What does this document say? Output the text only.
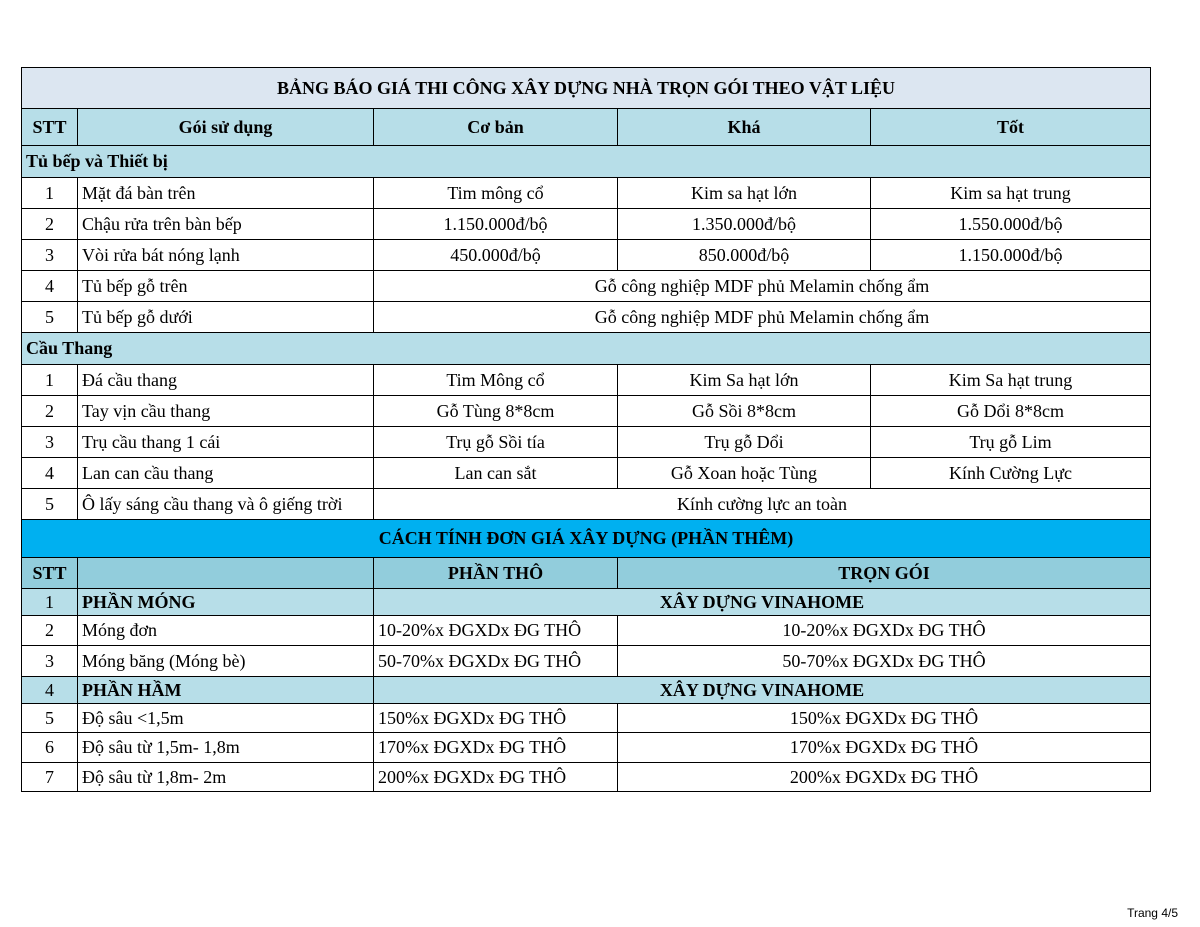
BẢNG BÁO GIÁ THI CÔNG XÂY DỰNG NHÀ TRỌN GÓI THEO VẬT LIỆU				
STT	Gói sử dụng	Cơ bản	Khá	Tốt
Tủ bếp và Thiết bị				
1	Mặt đá bàn trên	Tim mông cổ	Kim sa hạt lớn	Kim sa hạt trung
2	Chậu rửa trên bàn bếp	1.150.000đ/bộ	1.350.000đ/bộ	1.550.000đ/bộ
3	Vòi rửa bát nóng lạnh	450.000đ/bộ	850.000đ/bộ	1.150.000đ/bộ
4	Tủ bếp gỗ trên	Gỗ công nghiệp MDF phủ Melamin chống ẩm		
5	Tủ bếp gỗ dưới	Gỗ công nghiệp MDF phủ Melamin chống ẩm		
Cầu Thang				
1	Đá cầu thang	Tim Mông cổ	Kim Sa hạt lớn	Kim Sa hạt trung
2	Tay vịn cầu thang	Gỗ Tùng 8*8cm	Gỗ Sồi 8*8cm	Gỗ Dổi 8*8cm
3	Trụ cầu thang 1 cái	Trụ gỗ Sồi tía	Trụ gỗ Dổi	Trụ gỗ Lim
4	Lan can cầu thang	Lan can sắt	Gỗ Xoan hoặc Tùng	Kính Cường Lực
5	Ô lấy sáng cầu thang và ô giếng trời	Kính cường lực an toàn		
CÁCH TÍNH ĐƠN GIÁ XÂY DỰNG (PHẦN THÊM)				
STT		PHẦN THÔ	TRỌN GÓI	
1	PHẦN MÓNG	XÂY DỰNG VINAHOME		
2	Móng đơn	10-20%x ĐGXDx ĐG THÔ	10-20%x ĐGXDx ĐG THÔ	
3	Móng băng (Móng bè)	50-70%x ĐGXDx ĐG THÔ	50-70%x ĐGXDx ĐG THÔ	
4	PHẦN HẦM	XÂY DỰNG VINAHOME		
5	Độ sâu <1,5m	150%x ĐGXDx ĐG THÔ	150%x ĐGXDx ĐG THÔ	
6	Độ sâu từ 1,5m- 1,8m	170%x ĐGXDx ĐG THÔ	170%x ĐGXDx ĐG THÔ	
7	Độ sâu từ 1,8m- 2m	200%x ĐGXDx ĐG THÔ	200%x ĐGXDx ĐG THÔ	
Trang 4/5
